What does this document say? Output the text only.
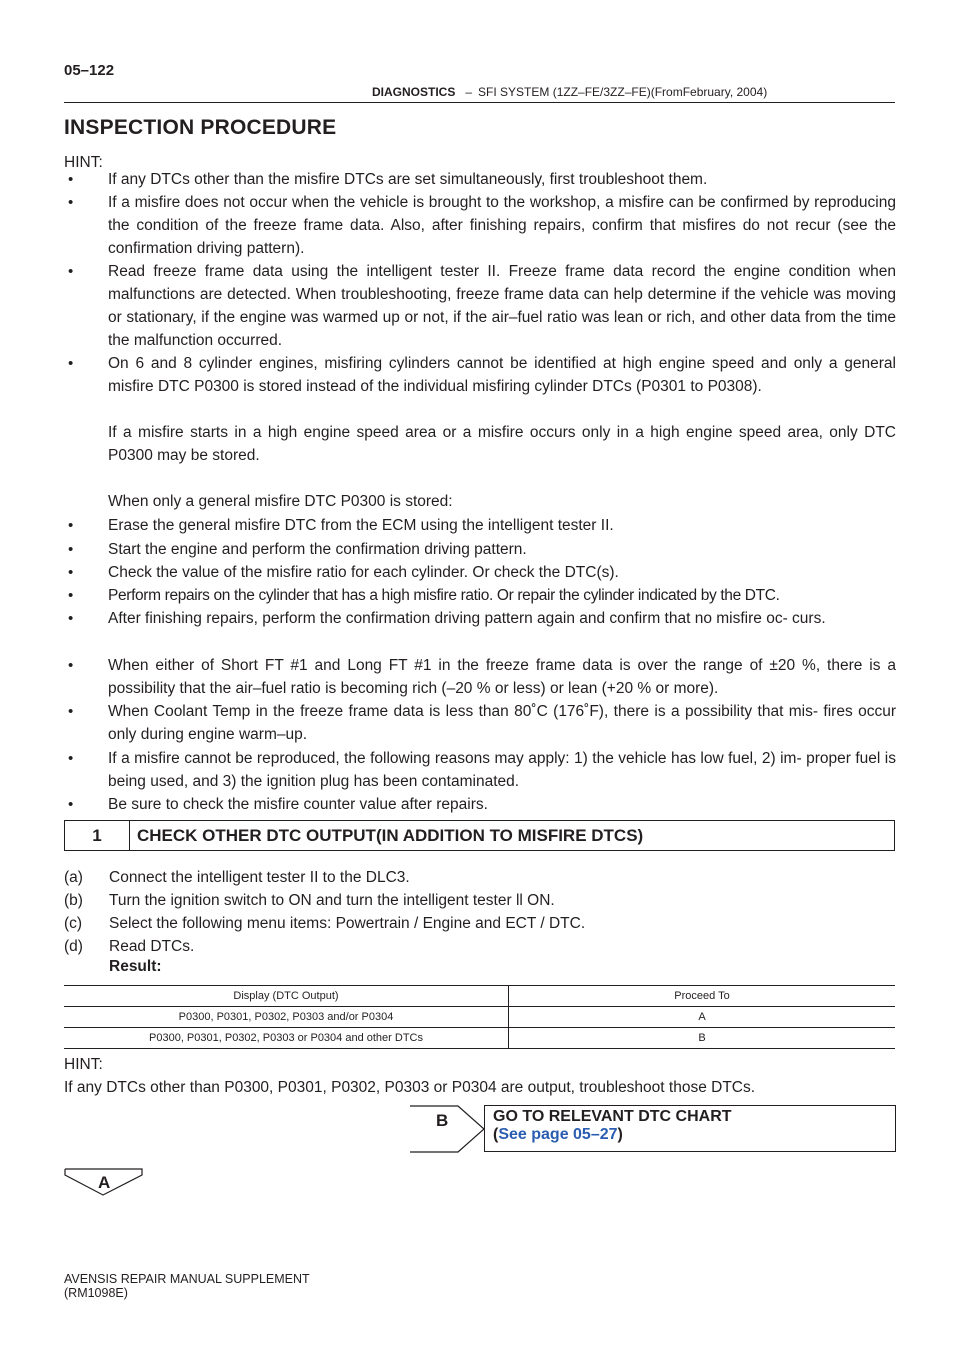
05–122
DIAGNOSTICS – SFI SYSTEM (1ZZ–FE/3ZZ–FE)(FromFebruary, 2004)
INSPECTION PROCEDURE
HINT:
• If any DTCs other than the misfire DTCs are set simultaneously, first troubleshoot them.
• If a misfire does not occur when the vehicle is brought to the workshop, a misfire can be confirmed by reproducing the condition of the freeze frame data. Also, after finishing repairs, confirm that misfires do not recur (see the confirmation driving pattern).
• Read freeze frame data using the intelligent tester II. Freeze frame data record the engine condition when malfunctions are detected. When troubleshooting, freeze frame data can help determine if the vehicle was moving or stationary, if the engine was warmed up or not, if the air–fuel ratio was lean or rich, and other data from the time the malfunction occurred.
• On 6 and 8 cylinder engines, misfiring cylinders cannot be identified at high engine speed and only a general misfire DTC P0300 is stored instead of the individual misfiring cylinder DTCs (P0301 to P0308).
If a misfire starts in a high engine speed area or a misfire occurs only in a high engine speed area, only DTC P0300 may be stored.
When only a general misfire DTC P0300 is stored:
• Erase the general misfire DTC from the ECM using the intelligent tester II.
• Start the engine and perform the confirmation driving pattern.
• Check the value of the misfire ratio for each cylinder. Or check the DTC(s).
• Perform repairs on the cylinder that has a high misfire ratio. Or repair the cylinder indicated by the DTC.
• After finishing repairs, perform the confirmation driving pattern again and confirm that no misfire oc- curs.
• When either of Short FT #1 and Long FT #1 in the freeze frame data is over the range of ±20 %, there is a possibility that the air–fuel ratio is becoming rich (–20 % or less) or lean (+20 % or more).
• When Coolant Temp in the freeze frame data is less than 80˚C (176˚F), there is a possibility that mis- fires occur only during engine warm–up.
• If a misfire cannot be reproduced, the following reasons may apply: 1) the vehicle has low fuel, 2) im- proper fuel is being used, and 3) the ignition plug has been contaminated.
• Be sure to check the misfire counter value after repairs.
1	CHECK OTHER DTC OUTPUT(IN ADDITION TO MISFIRE DTCS)
(a) Connect the intelligent tester II to the DLC3.
(b) Turn the ignition switch to ON and turn the intelligent tester ll ON.
(c) Select the following menu items: Powertrain / Engine and ECT / DTC.
(d) Read DTCs.
Result:
Display (DTC Output)	Proceed To
P0300, P0301, P0302, P0303 and/or P0304	A
P0300, P0301, P0302, P0303 or P0304 and other DTCs	B
HINT:
If any DTCs other than P0300, P0301, P0302, P0303 or P0304 are output, troubleshoot those DTCs.
B	GO TO RELEVANT DTC CHART
(See page 05–27)
A
AVENSIS REPAIR MANUAL SUPPLEMENT
(RM1098E)
